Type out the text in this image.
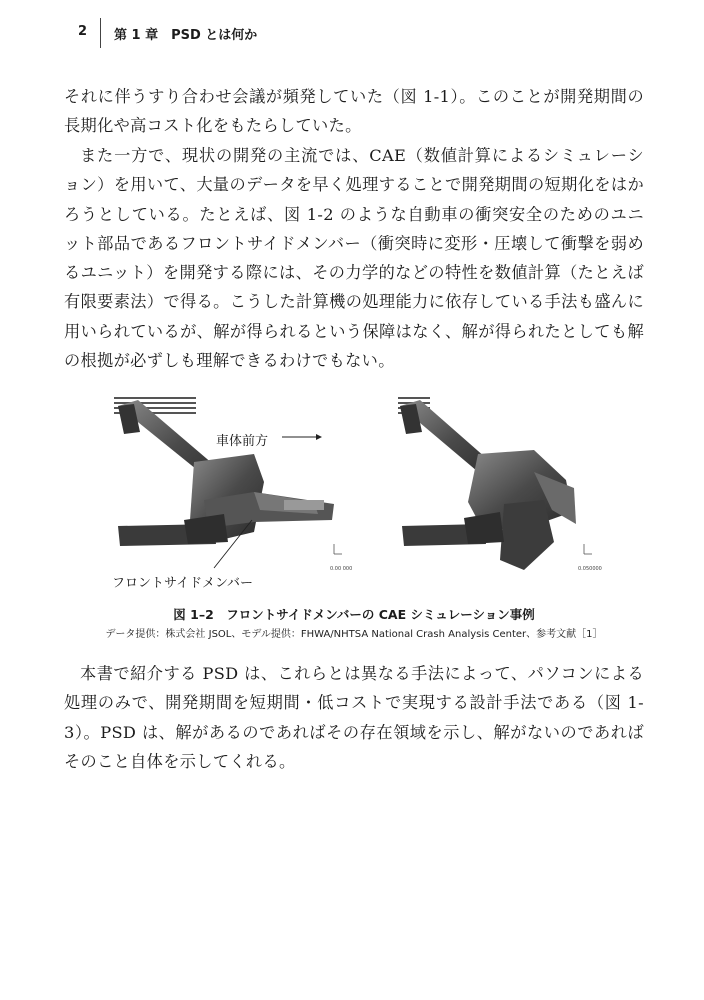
2 第 1 章　PSD とは何か

それに伴うすり合わせ会議が頻発していた（図 1-1）。このことが開発期間の長期化や高コスト化をもたらしていた。

また一方で、現状の開発の主流では、CAE（数値計算によるシミュレーション）を用いて、大量のデータを早く処理することで開発期間の短期化をはかろうとしている。たとえば、図 1-2 のような自動車の衝突安全のためのユニット部品であるフロントサイドメンバー（衝突時に変形・圧壊して衝撃を弱めるユニット）を開発する際には、その力学的などの特性を数値計算（たとえば有限要素法）で得る。こうした計算機の処理能力に依存している手法も盛んに用いられているが、解が得られるという保障はなく、解が得られたとしても解の根拠が必ずしも理解できるわけでもない。

0.00 000	0.050000
車体前方
フロントサイドメンバー
図 1–2　フロントサイドメンバーの CAE シミュレーション事例
データ提供：株式会社 JSOL、モデル提供：FHWA/NHTSA National Crash Analysis Center、参考文献［1］

本書で紹介する PSD は、これらとは異なる手法によって、パソコンによる処理のみで、開発期間を短期間・低コストで実現する設計手法である（図 1-3）。PSD は、解があるのであればその存在領域を示し、解がないのであればそのこと自体を示してくれる。
